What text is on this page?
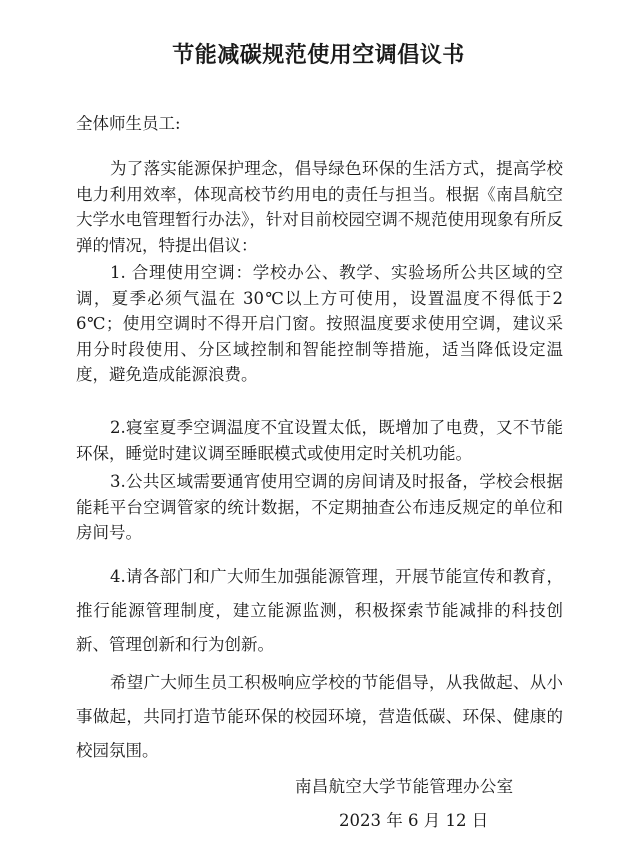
节能减碳规范使用空调倡议书
全体师生员工:

为了落实能源保护理念，倡导绿色环保的生活方式，提高学校电力利用效率，体现高校节约用电的责任与担当。根据《南昌航空大学水电管理暂行办法》，针对目前校园空调不规范使用现象有所反弹的情况，特提出倡议：

1. 合理使用空调：学校办公、教学、实验场所公共区域的空调，夏季必须气温在 30℃以上方可使用，设置温度不得低于26℃；使用空调时不得开启门窗。按照温度要求使用空调，建议采用分时段使用、分区域控制和智能控制等措施，适当降低设定温度，避免造成能源浪费。

2.寝室夏季空调温度不宜设置太低，既增加了电费，又不节能环保，睡觉时建议调至睡眠模式或使用定时关机功能。

3.公共区域需要通宵使用空调的房间请及时报备，学校会根据能耗平台空调管家的统计数据，不定期抽查公布违反规定的单位和房间号。

4.请各部门和广大师生加强能源管理，开展节能宣传和教育，推行能源管理制度，建立能源监测，积极探索节能减排的科技创新、管理创新和行为创新。

希望广大师生员工积极响应学校的节能倡导，从我做起、从小事做起，共同打造节能环保的校园环境，营造低碳、环保、健康的校园氛围。

南昌航空大学节能管理办公室
2023 年 6 月 12 日
